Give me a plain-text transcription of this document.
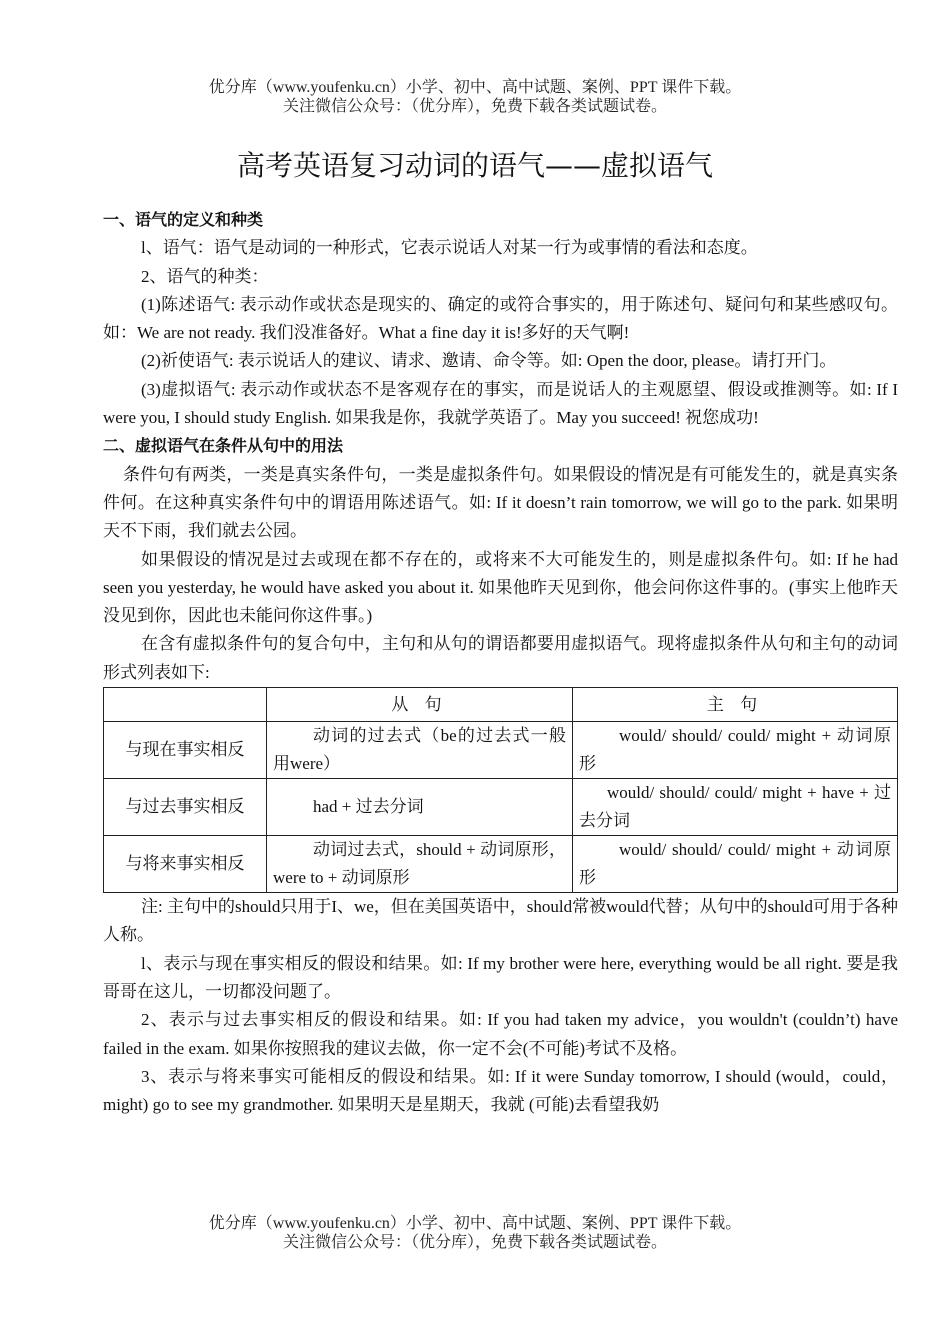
优分库（www.youfenku.cn）小学、初中、高中试题、案例、PPT 课件下载。
关注微信公众号：（优分库），免费下载各类试题试卷。
高考英语复习动词的语气——虚拟语气

一、语气的定义和种类

l、语气：语气是动词的一种形式，它表示说话人对某一行为或事情的看法和态度。

2、语气的种类：

(1)陈述语气: 表示动作或状态是现实的、确定的或符合事实的，用于陈述句、疑问句和某些感叹句。如：We are not ready. 我们没准备好。What a fine day it is!多好的天气啊!

(2)祈使语气: 表示说话人的建议、请求、邀请、命令等。如: Open the door, please。请打开门。

(3)虚拟语气: 表示动作或状态不是客观存在的事实，而是说话人的主观愿望、假设或推测等。如: If I were you, I should study English. 如果我是你，我就学英语了。May you succeed! 祝您成功!

二、虚拟语气在条件从句中的用法

条件句有两类，一类是真实条件句，一类是虚拟条件句。如果假设的情况是有可能发生的，就是真实条件何。在这种真实条件句中的谓语用陈述语气。如: If it doesn’t rain tomorrow, we will go to the park. 如果明天不下雨，我们就去公园。

如果假设的情况是过去或现在都不存在的，或将来不大可能发生的，则是虚拟条件句。如: If he had seen you yesterday, he would have asked you about it. 如果他昨天见到你，他会问你这件事的。(事实上他昨天没见到你，因此也未能问你这件事。)

在含有虚拟条件句的复合句中，主句和从句的谓语都要用虚拟语气。现将虚拟条件从句和主句的动词形式列表如下:

	从 句	主 句
与现在事实相反	动词的过去式（be的过去式一般用were）	would/ should/ could/ might + 动词原形
与过去事实相反	had + 过去分词	would/ should/ could/ might + have + 过去分词
与将来事实相反	动词过去式，should + 动词原形，were to + 动词原形	would/ should/ could/ might + 动词原形

注: 主句中的should只用于I、we，但在美国英语中，should常被would代替；从句中的should可用于各种人称。

l、表示与现在事实相反的假设和结果。如: If my brother were here, everything would be all right. 要是我哥哥在这儿，一切都没问题了。

2、表示与过去事实相反的假设和结果。如: If you had taken my advice，you wouldn't (couldn’t) have failed in the exam. 如果你按照我的建议去做，你一定不会(不可能)考试不及格。

3、表示与将来事实可能相反的假设和结果。如: If it were Sunday tomorrow, I should (would，could，might) go to see my grandmother. 如果明天是星期天，我就 (可能)去看望我奶

优分库（www.youfenku.cn）小学、初中、高中试题、案例、PPT 课件下载。
关注微信公众号：（优分库），免费下载各类试题试卷。
